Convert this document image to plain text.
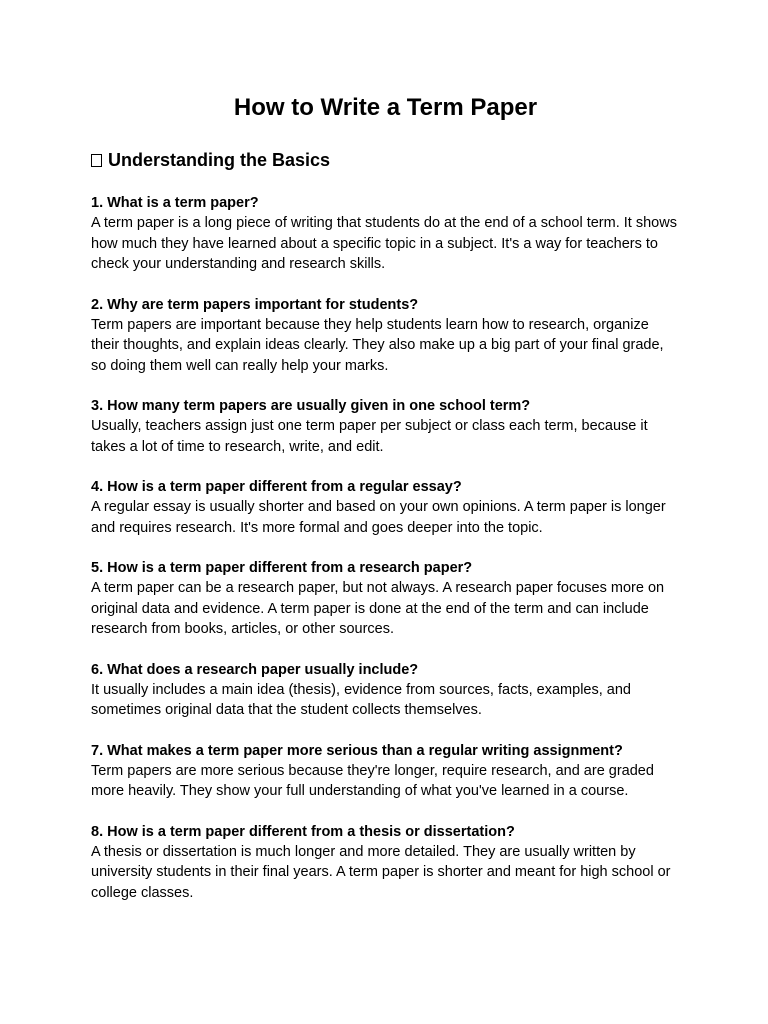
How to Write a Term Paper
Understanding the Basics

1. What is a term paper?

A term paper is a long piece of writing that students do at the end of a school term. It shows how much they have learned about a specific topic in a subject. It's a way for teachers to check your understanding and research skills.

2. Why are term papers important for students?

Term papers are important because they help students learn how to research, organize their thoughts, and explain ideas clearly. They also make up a big part of your final grade, so doing them well can really help your marks.

3. How many term papers are usually given in one school term?

Usually, teachers assign just one term paper per subject or class each term, because it takes a lot of time to research, write, and edit.

4. How is a term paper different from a regular essay?

A regular essay is usually shorter and based on your own opinions. A term paper is longer and requires research. It's more formal and goes deeper into the topic.

5. How is a term paper different from a research paper?

A term paper can be a research paper, but not always. A research paper focuses more on original data and evidence. A term paper is done at the end of the term and can include research from books, articles, or other sources.

6. What does a research paper usually include?

It usually includes a main idea (thesis), evidence from sources, facts, examples, and sometimes original data that the student collects themselves.

7. What makes a term paper more serious than a regular writing assignment?

Term papers are more serious because they're longer, require research, and are graded more heavily. They show your full understanding of what you've learned in a course.

8. How is a term paper different from a thesis or dissertation?

A thesis or dissertation is much longer and more detailed. They are usually written by university students in their final years. A term paper is shorter and meant for high school or college classes.
